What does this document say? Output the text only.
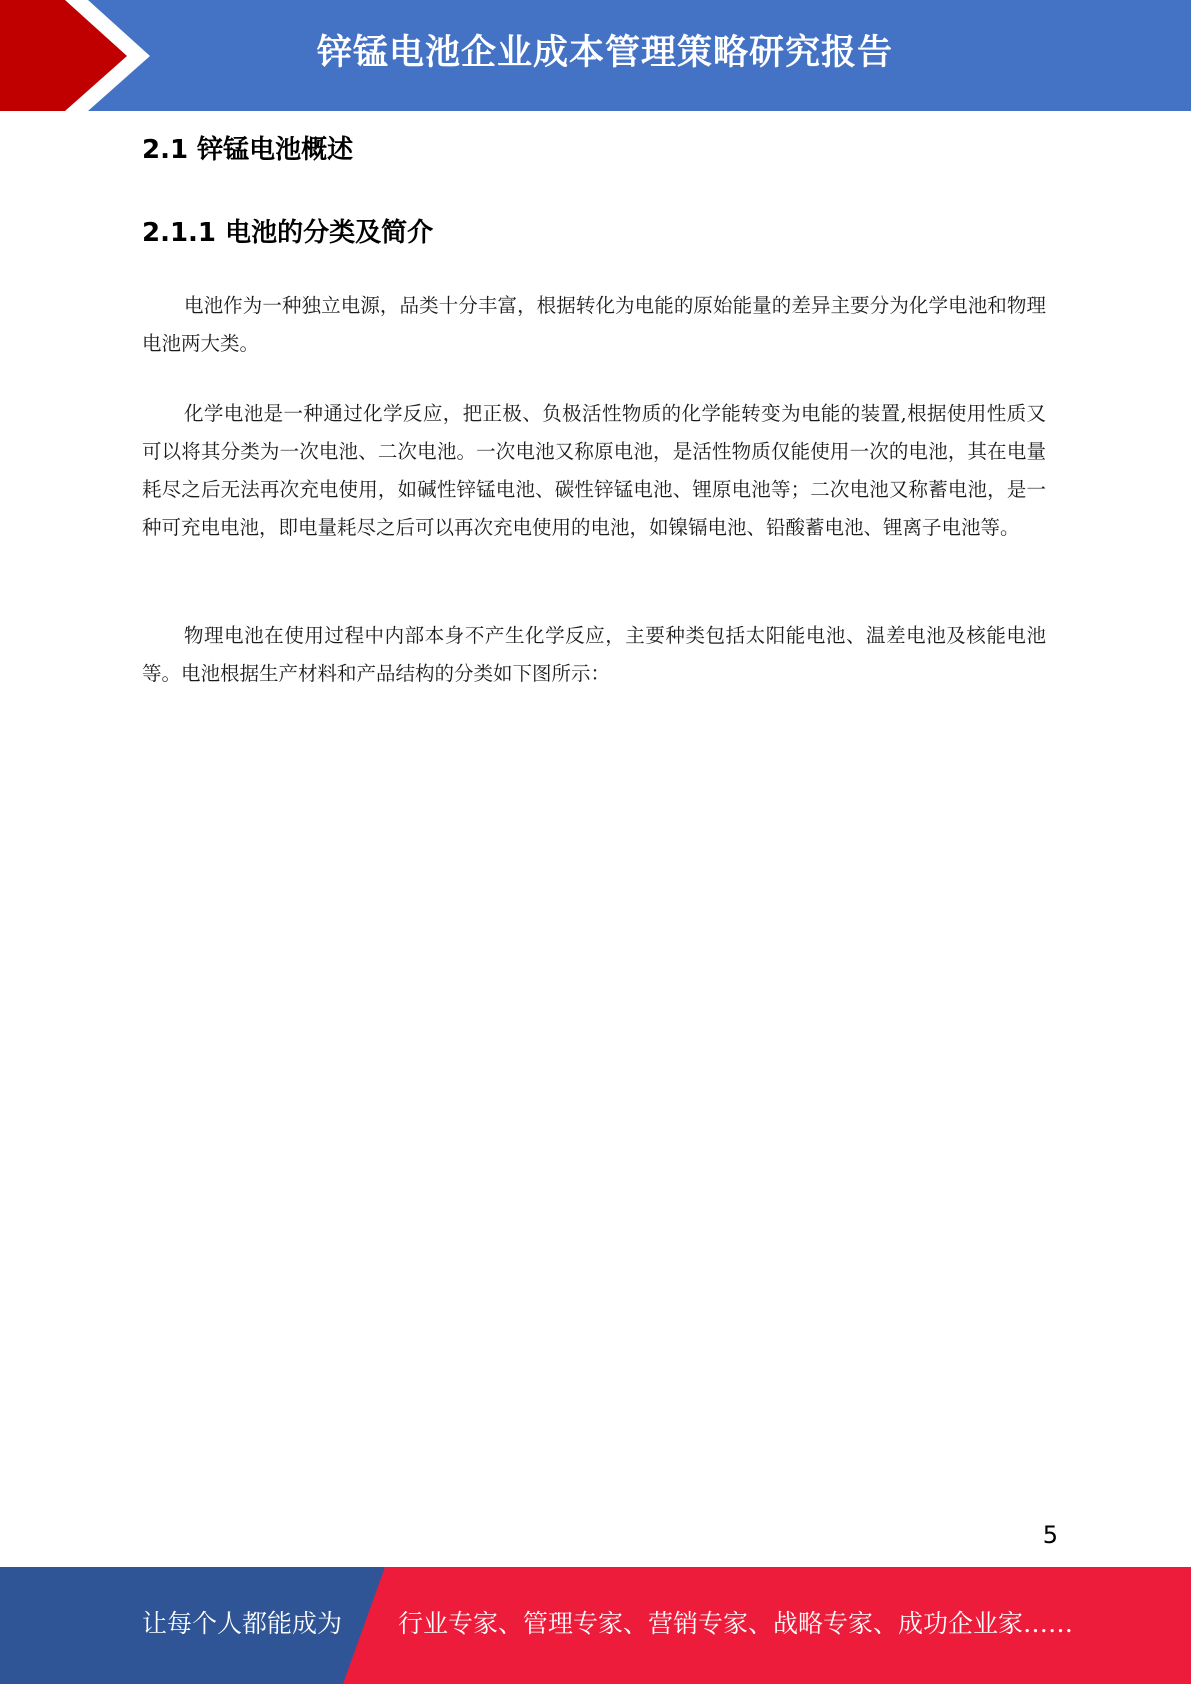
锌锰电池企业成本管理策略研究报告
2.1 锌锰电池概述
2.1.1 电池的分类及简介

电池作为一种独立电源，品类十分丰富，根据转化为电能的原始能量的差异主要分为化学电池和物理电池两大类。

化学电池是一种通过化学反应，把正极、负极活性物质的化学能转变为电能的装置,根据使用性质又可以将其分类为一次电池、二次电池。一次电池又称原电池，是活性物质仅能使用一次的电池，其在电量耗尽之后无法再次充电使用，如碱性锌锰电池、碳性锌锰电池、锂原电池等；二次电池又称蓄电池，是一种可充电电池，即电量耗尽之后可以再次充电使用的电池，如镍镉电池、铅酸蓄电池、锂离子电池等。

物理电池在使用过程中内部本身不产生化学反应，主要种类包括太阳能电池、温差电池及核能电池等。电池根据生产材料和产品结构的分类如下图所示：

5
让每个人都能成为 行业专家、管理专家、营销专家、战略专家、成功企业家……
